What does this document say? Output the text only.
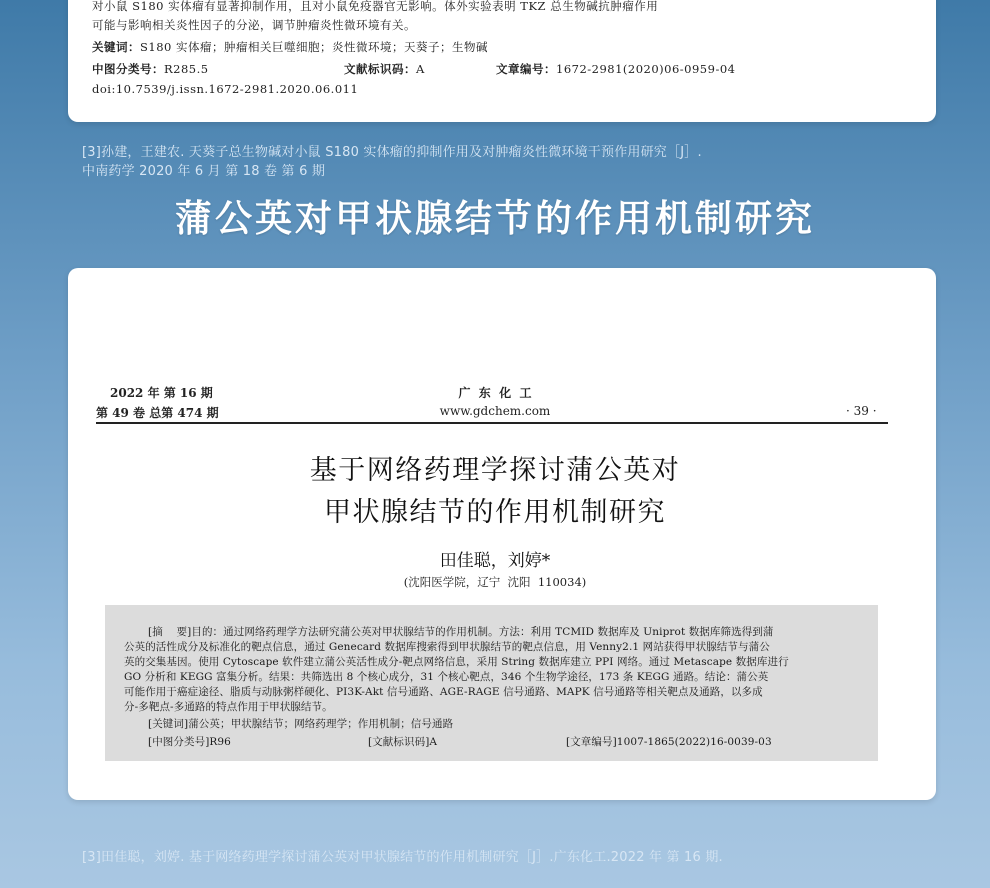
对小鼠 S180 实体瘤有显著抑制作用，且对小鼠免疫器官无影响。体外实验表明 TKZ 总生物碱抗肿瘤作用
可能与影响相关炎性因子的分泌，调节肿瘤炎性微环境有关。
关键词：S180 实体瘤；肿瘤相关巨噬细胞；炎性微环境；天葵子；生物碱
中图分类号：R285.5	文献标识码：A	文章编号：1672-2981(2020)06-0959-04
doi:10.7539/j.issn.1672-2981.2020.06.011
[3]孙建，王建农. 天葵子总生物碱对小鼠 S180 实体瘤的抑制作用及对肿瘤炎性微环境干预作用研究［J］.
中南药学 2020 年 6 月 第 18 卷 第 6 期
蒲公英对甲状腺结节的作用机制研究
2022 年 第 16 期
第 49 卷 总第 474 期
广  东  化  工
www.gdchem.com	· 39 ·
基于网络药理学探讨蒲公英对
甲状腺结节的作用机制研究
田佳聪，刘婷*
(沈阳医学院，辽宁  沈阳  110034)
[摘    要]目的：通过网络药理学方法研究蒲公英对甲状腺结节的作用机制。方法：利用 TCMID 数据库及 Uniprot 数据库筛选得到蒲
公英的活性成分及标准化的靶点信息，通过 Genecard 数据库搜索得到甲状腺结节的靶点信息，用 Venny2.1 网站获得甲状腺结节与蒲公
英的交集基因。使用 Cytoscape 软件建立蒲公英活性成分-靶点网络信息，采用 String 数据库建立 PPI 网络。通过 Metascape 数据库进行
GO 分析和 KEGG 富集分析。结果：共筛选出 8 个核心成分，31 个核心靶点，346 个生物学途径，173 条 KEGG 通路。结论：蒲公英
可能作用于癌症途径、脂质与动脉粥样硬化、PI3K-Akt 信号通路、AGE-RAGE 信号通路、MAPK 信号通路等相关靶点及通路，以多成
分-多靶点-多通路的特点作用于甲状腺结节。
[关键词]蒲公英；甲状腺结节；网络药理学；作用机制；信号通路
[中图分类号]R96	[文献标识码]A	[文章编号]1007-1865(2022)16-0039-03
[3]田佳聪，刘婷. 基于网络药理学探讨蒲公英对甲状腺结节的作用机制研究［J］.广东化工.2022 年 第 16 期.
